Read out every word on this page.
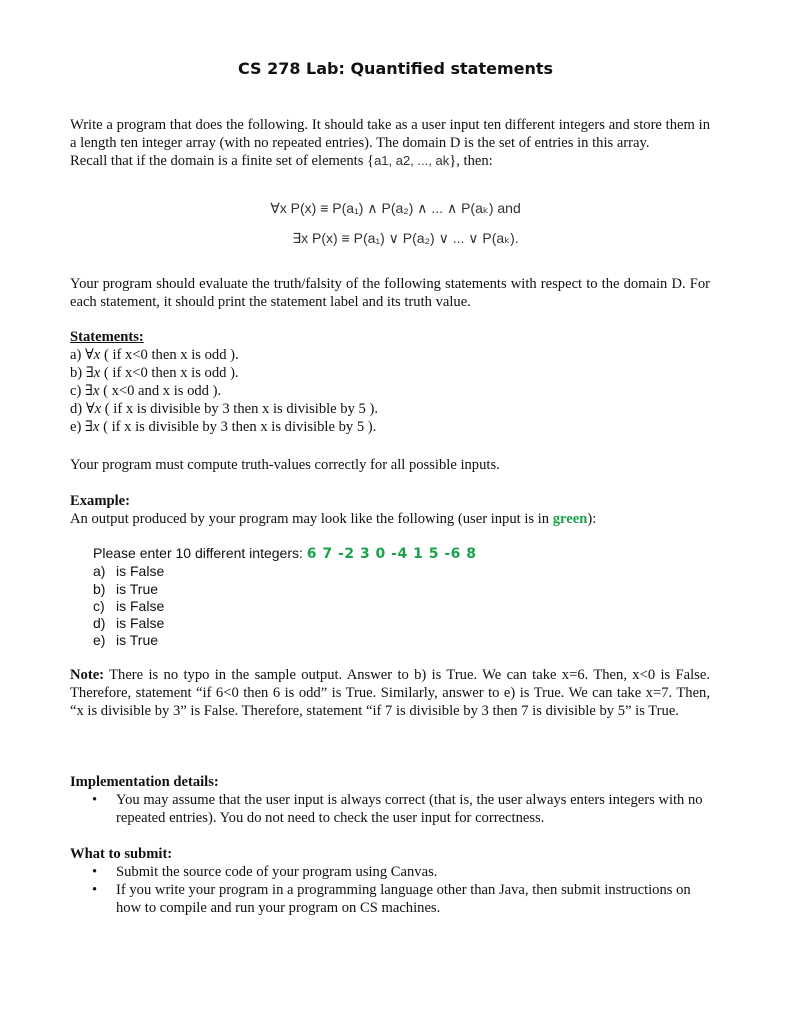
CS 278 Lab: Quantified statements
Write a program that does the following. It should take as a user input ten different integers and store them in a length ten integer array (with no repeated entries). The domain D is the set of entries in this array.
Recall that if the domain is a finite set of elements {a1, a2, ..., ak}, then:
∀x P(x) ≡ P(a₁) ∧ P(a₂) ∧ ... ∧ P(aₖ) and
∃x P(x) ≡ P(a₁) ∨ P(a₂) ∨ ... ∨ P(aₖ).
Your program should evaluate the truth/falsity of the following statements with respect to the domain D. For each statement, it should print the statement label and its truth value.
Statements:
a) ∀x ( if x<0 then x is odd ).
b) ∃x ( if x<0 then x is odd ).
c) ∃x ( x<0 and x is odd ).
d) ∀x ( if x is divisible by 3 then x is divisible by 5 ).
e) ∃x ( if x is divisible by 3 then x is divisible by 5 ).
Your program must compute truth-values correctly for all possible inputs.
Example:
An output produced by your program may look like the following (user input is in green):
Please enter 10 different integers: 6 7 -2 3 0 -4 1 5 -6 8
a) is False
b) is True
c) is False
d) is False
e) is True
Note: There is no typo in the sample output. Answer to b) is True. We can take x=6. Then, x<0 is False. Therefore, statement “if 6<0 then 6 is odd” is True. Similarly, answer to e) is True. We can take x=7. Then, “x is divisible by 3” is False. Therefore, statement “if 7 is divisible by 3 then 7 is divisible by 5” is True.
Implementation details:
• You may assume that the user input is always correct (that is, the user always enters integers with no repeated entries). You do not need to check the user input for correctness.
What to submit:
• Submit the source code of your program using Canvas.
• If you write your program in a programming language other than Java, then submit instructions on how to compile and run your program on CS machines.
